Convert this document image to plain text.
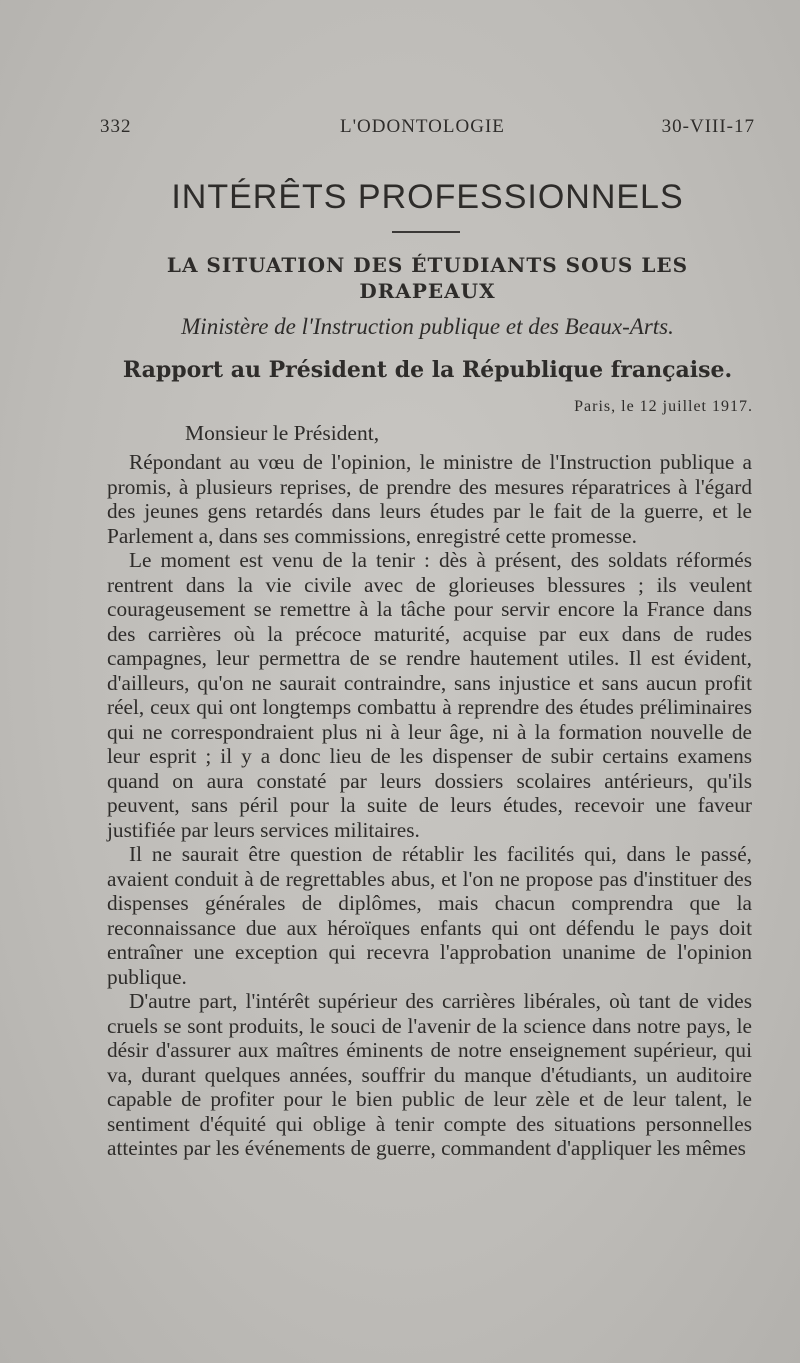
332	L'ODONTOLOGIE	30-VIII-17
INTÉRÊTS PROFESSIONNELS
LA SITUATION DES ÉTUDIANTS SOUS LES DRAPEAUX

Ministère de l'Instruction publique et des Beaux-Arts.

Rapport au Président de la République française.

Paris, le 12 juillet 1917.
Monsieur le Président,

Répondant au vœu de l'opinion, le ministre de l'Instruction publique a promis, à plusieurs reprises, de prendre des mesures réparatrices à l'égard des jeunes gens retardés dans leurs études par le fait de la guerre, et le Parlement a, dans ses commissions, enregistré cette promesse.

Le moment est venu de la tenir : dès à présent, des soldats réformés rentrent dans la vie civile avec de glorieuses blessures ; ils veulent courageusement se remettre à la tâche pour servir encore la France dans des carrières où la précoce maturité, acquise par eux dans de rudes campagnes, leur permettra de se rendre hautement utiles. Il est évident, d'ailleurs, qu'on ne saurait contraindre, sans injustice et sans aucun profit réel, ceux qui ont longtemps combattu à reprendre des études préliminaires qui ne correspondraient plus ni à leur âge, ni à la formation nouvelle de leur esprit ; il y a donc lieu de les dispenser de subir certains examens quand on aura constaté par leurs dossiers scolaires antérieurs, qu'ils peuvent, sans péril pour la suite de leurs études, recevoir une faveur justifiée par leurs services militaires.

Il ne saurait être question de rétablir les facilités qui, dans le passé, avaient conduit à de regrettables abus, et l'on ne propose pas d'instituer des dispenses générales de diplômes, mais chacun comprendra que la reconnaissance due aux héroïques enfants qui ont défendu le pays doit entraîner une exception qui recevra l'approbation unanime de l'opinion publique.

D'autre part, l'intérêt supérieur des carrières libérales, où tant de vides cruels se sont produits, le souci de l'avenir de la science dans notre pays, le désir d'assurer aux maîtres éminents de notre enseignement supérieur, qui va, durant quelques années, souffrir du manque d'étudiants, un auditoire capable de profiter pour le bien public de leur zèle et de leur talent, le sentiment d'équité qui oblige à tenir compte des situations personnelles atteintes par les événements de guerre, commandent d'appliquer les mêmes
